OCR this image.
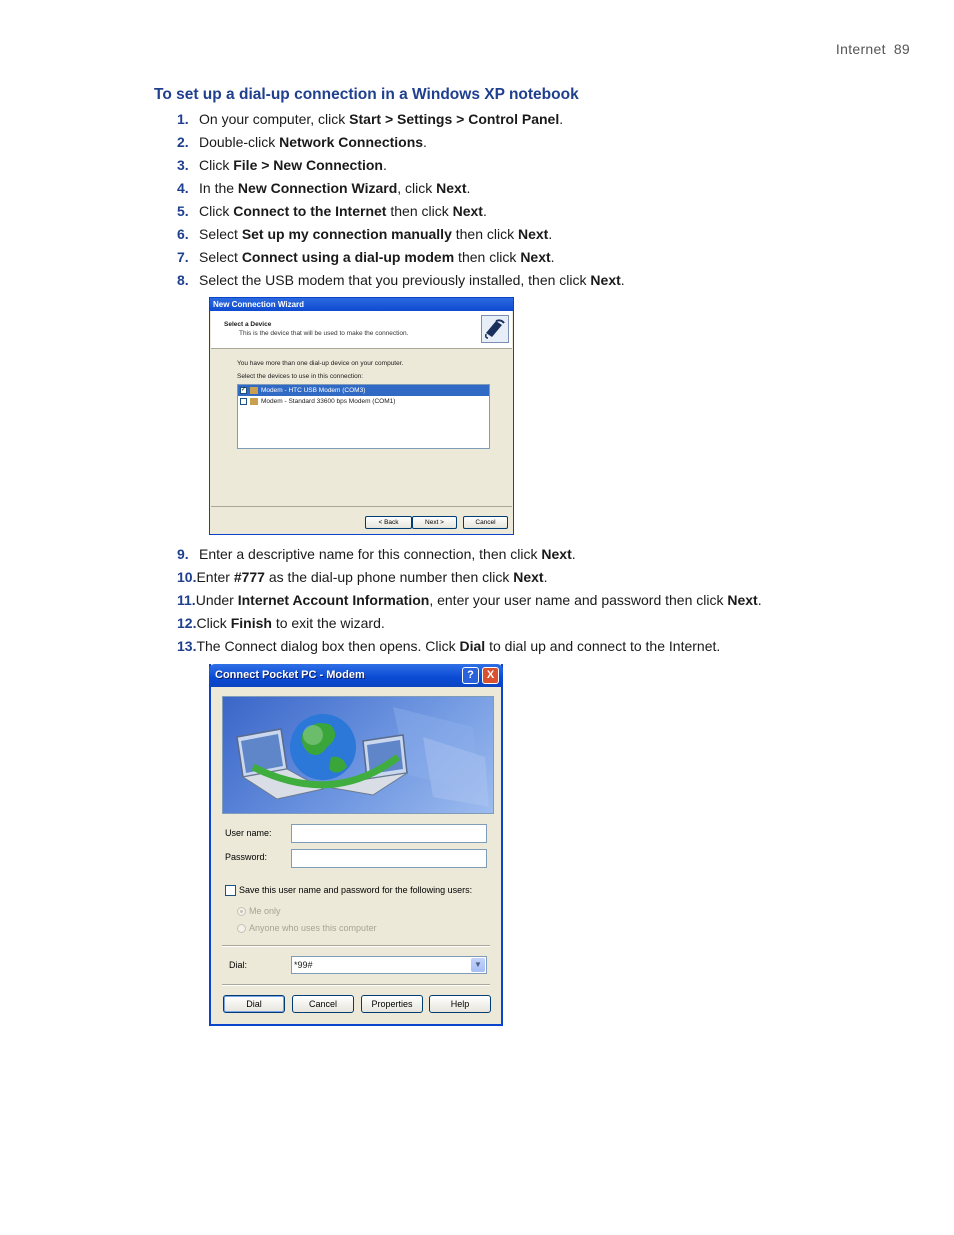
Internet 89
To set up a dial-up connection in a Windows XP notebook
1. On your computer, click Start > Settings > Control Panel.
2. Double-click Network Connections.
3. Click File > New Connection.
4. In the New Connection Wizard, click Next.
5. Click Connect to the Internet then click Next.
6. Select Set up my connection manually then click Next.
7. Select Connect using a dial-up modem then click Next.
8. Select the USB modem that you previously installed, then click Next.
New Connection Wizard
Select a Device
This is the device that will be used to make the connection.
You have more than one dial-up device on your computer.
Select the devices to use in this connection:
✓ Modem - HTC USB Modem (COM3)
Modem - Standard 33600 bps Modem (COM1)
< Back	Next >	Cancel
9. Enter a descriptive name for this connection, then click Next.
10.Enter #777 as the dial-up phone number then click Next.
11.Under Internet Account Information, enter your user name and password then click Next.
12.Click Finish to exit the wizard.
13.The Connect dialog box then opens. Click Dial to dial up and connect to the Internet.
Connect Pocket PC - Modem	?	X
User name:
Password:
Save this user name and password for the following users:
Me only
Anyone who uses this computer
Dial:	*99#	▼
Dial	Cancel	Properties	Help
